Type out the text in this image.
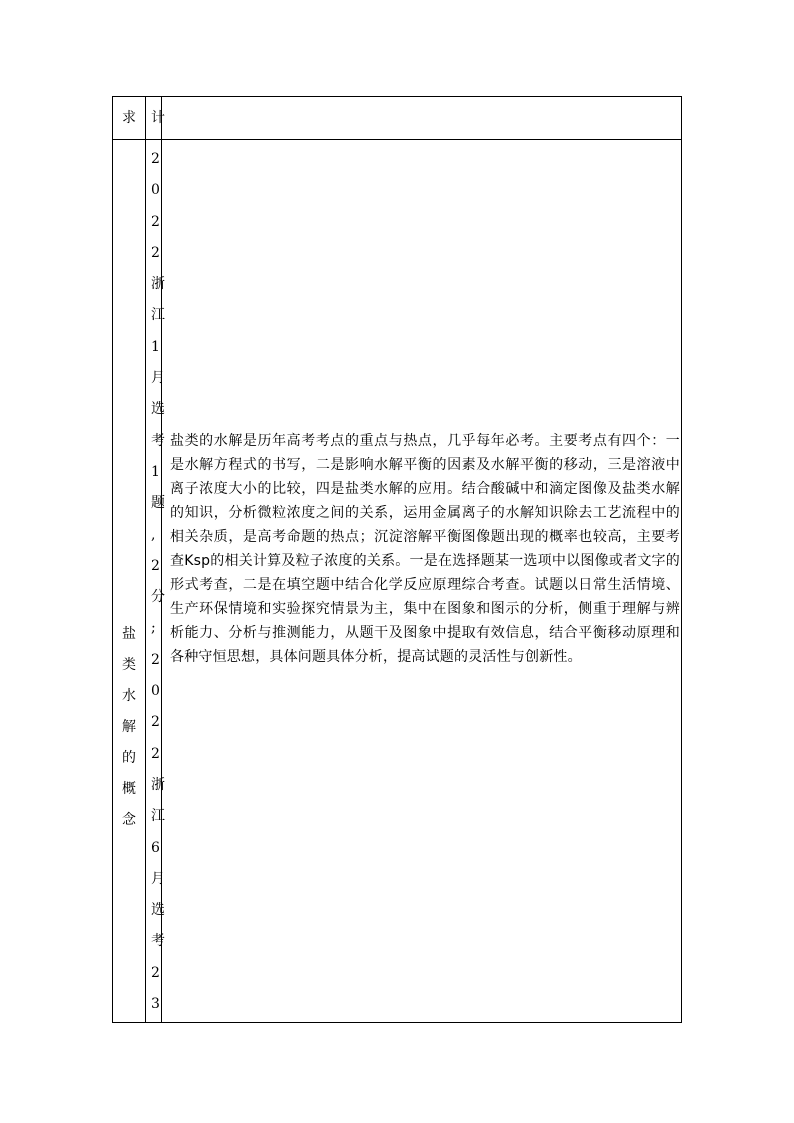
求	计
盐
类
水
解
的
概
念
2
0
2
2
浙
江
1
月
选
考
1
题
,
2
分
;
2
0
2
2
浙
江
6
月
选
考
2
3
盐类的水解是历年高考考点的重点与热点，几乎每年必考。主要考点有四个：一是水解方程式的书写，二是影响水解平衡的因素及水解平衡的移动，三是溶液中离子浓度大小的比较，四是盐类水解的应用。结合酸碱中和滴定图像及盐类水解的知识，分析微粒浓度之间的关系，运用金属离子的水解知识除去工艺流程中的相关杂质，是高考命题的热点；沉淀溶解平衡图像题出现的概率也较高，主要考查Ksp的相关计算及粒子浓度的关系。一是在选择题某一选项中以图像或者文字的形式考查，二是在填空题中结合化学反应原理综合考查。试题以日常生活情境、生产环保情境和实验探究情景为主，集中在图象和图示的分析，侧重于理解与辨析能力、分析与推测能力，从题干及图象中提取有效信息，结合平衡移动原理和各种守恒思想，具体问题具体分析，提高试题的灵活性与创新性。
